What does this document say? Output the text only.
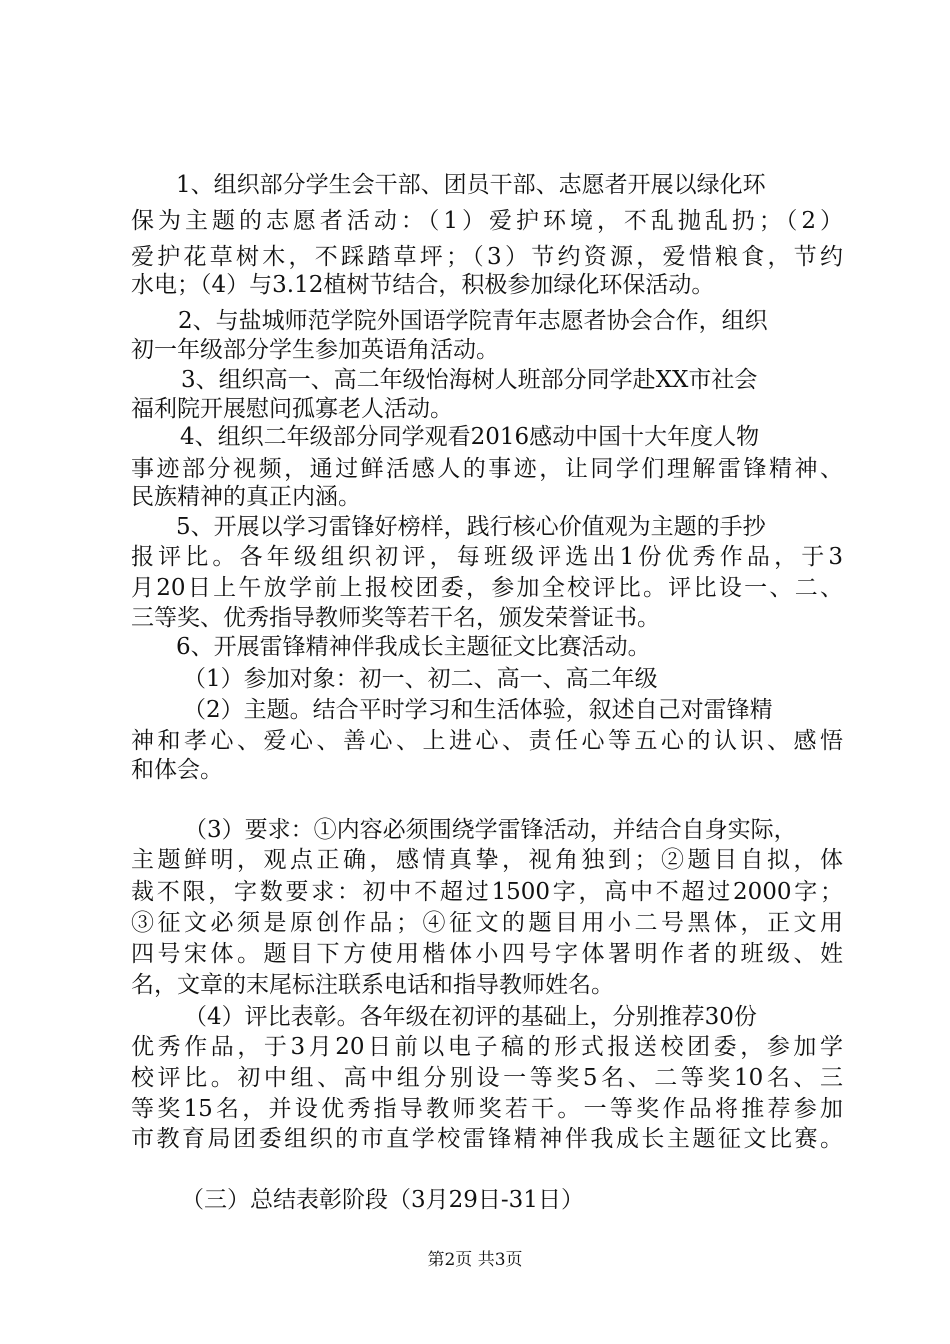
1、组织部分学生会干部、团员干部、志愿者开展以绿化环

保为主题的志愿者活动：（1）爱护环境，不乱抛乱扔；（2）

爱护花草树木，不踩踏草坪；（3）节约资源，爱惜粮食，节约

水电；（4）与3.12植树节结合，积极参加绿化环保活动。

2、与盐城师范学院外国语学院青年志愿者协会合作，组织

初一年级部分学生参加英语角活动。

3、组织高一、高二年级怡海树人班部分同学赴XX市社会

福利院开展慰问孤寡老人活动。

4、组织二年级部分同学观看2016感动中国十大年度人物

事迹部分视频，通过鲜活感人的事迹，让同学们理解雷锋精神、

民族精神的真正内涵。

5、开展以学习雷锋好榜样，践行核心价值观为主题的手抄

报评比。各年级组织初评，每班级评选出1份优秀作品，于3

月20日上午放学前上报校团委，参加全校评比。评比设一、二、

三等奖、优秀指导教师奖等若干名，颁发荣誉证书。

6、开展雷锋精神伴我成长主题征文比赛活动。

（1）参加对象：初一、初二、高一、高二年级

（2）主题。结合平时学习和生活体验，叙述自己对雷锋精

神和孝心、爱心、善心、上进心、责任心等五心的认识、感悟

和体会。

（3）要求：①内容必须围绕学雷锋活动，并结合自身实际，

主题鲜明，观点正确，感情真挚，视角独到；②题目自拟，体

裁不限，字数要求：初中不超过1500字，高中不超过2000字；

③征文必须是原创作品；④征文的题目用小二号黑体，正文用

四号宋体。题目下方使用楷体小四号字体署明作者的班级、姓

名，文章的末尾标注联系电话和指导教师姓名。

（4）评比表彰。各年级在初评的基础上，分别推荐30份

优秀作品，于3月20日前以电子稿的形式报送校团委，参加学

校评比。初中组、高中组分别设一等奖5名、二等奖10名、三

等奖15名，并设优秀指导教师奖若干。一等奖作品将推荐参加

市教育局团委组织的市直学校雷锋精神伴我成长主题征文比赛。

（三）总结表彰阶段（3月29日-31日）

第2页 共3页
